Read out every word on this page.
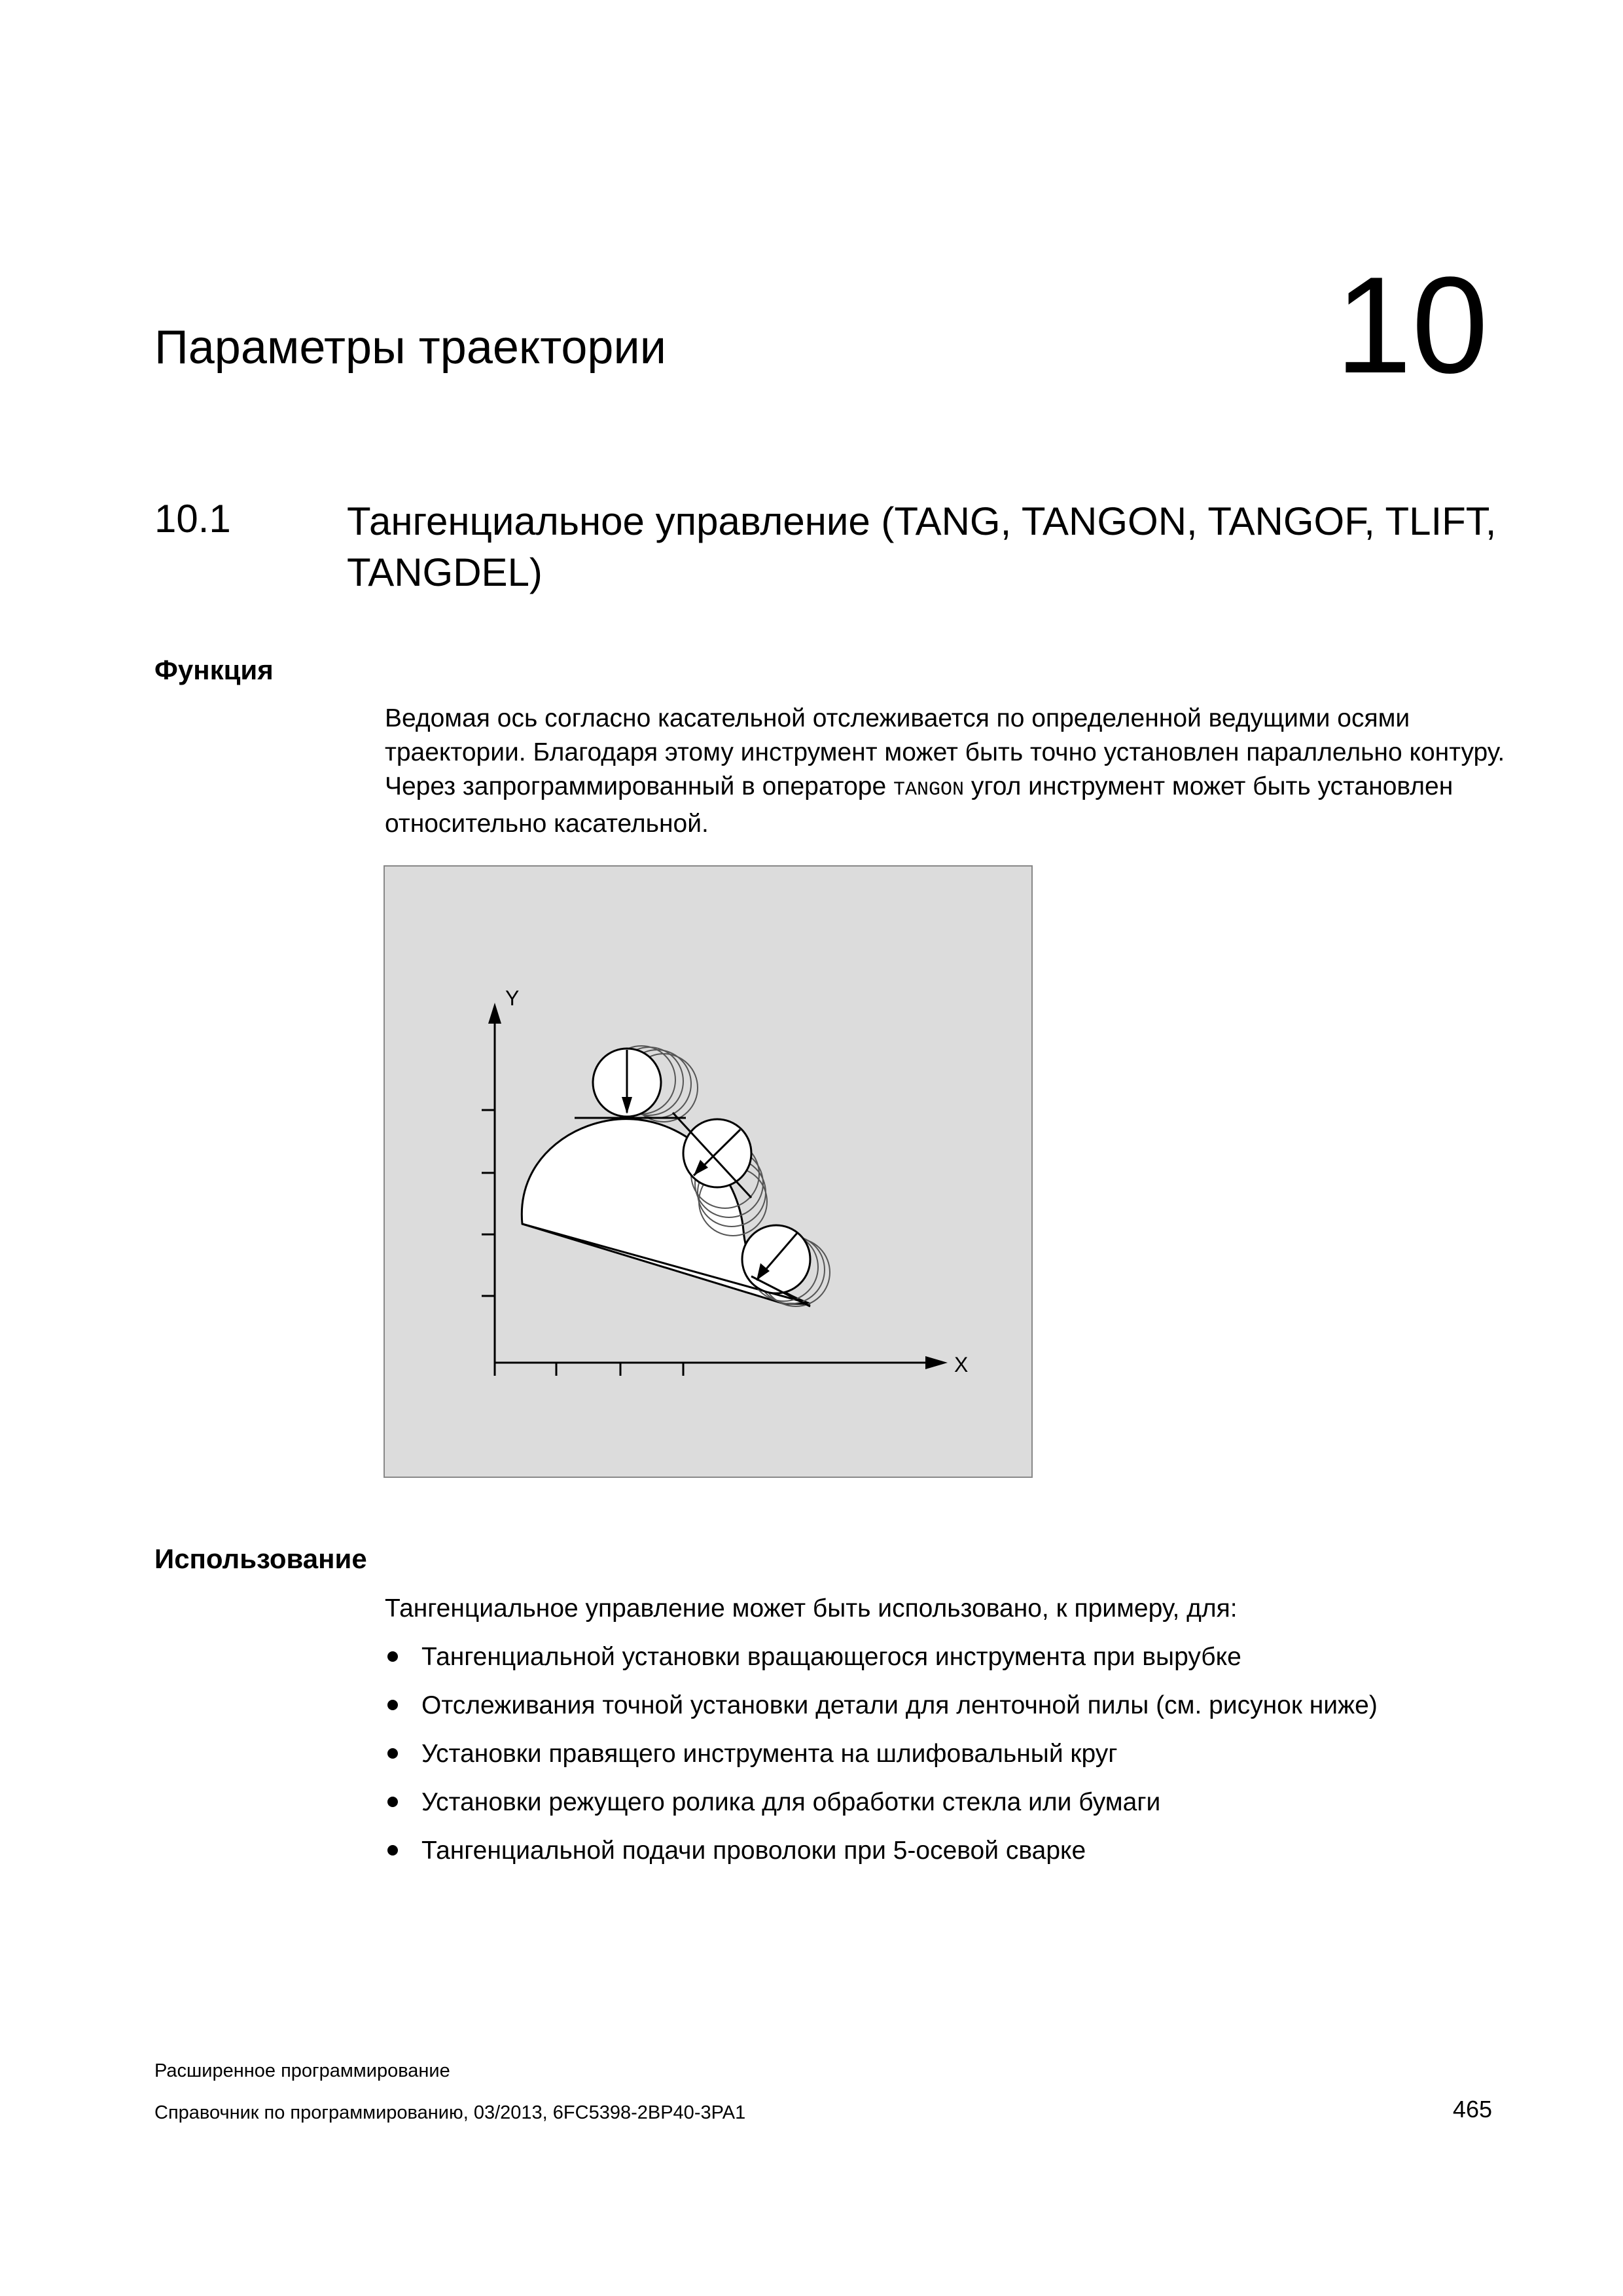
Параметры траектории	10
10.1	Тангенциальное управление (TANG, TANGON, TANGOF, TLIFT, TANGDEL)
Функция
Ведомая ось согласно касательной отслеживается по определенной ведущими осями траектории. Благодаря этому инструмент может быть точно установлен параллельно контуру. Через запрограммированный в операторе TANGON угол инструмент может быть установлен относительно касательной.
Y
X
Использование
Тангенциальное управление может быть использовано, к примеру, для:
Тангенциальной установки вращающегося инструмента при вырубке
Отслеживания точной установки детали для ленточной пилы (см. рисунок ниже)
Установки правящего инструмента на шлифовальный круг
Установки режущего ролика для обработки стекла или бумаги
Тангенциальной подачи проволоки при 5-осевой сварке
Расширенное программирование
Справочник по программированию, 03/2013, 6FC5398-2BP40-3PA1	465
